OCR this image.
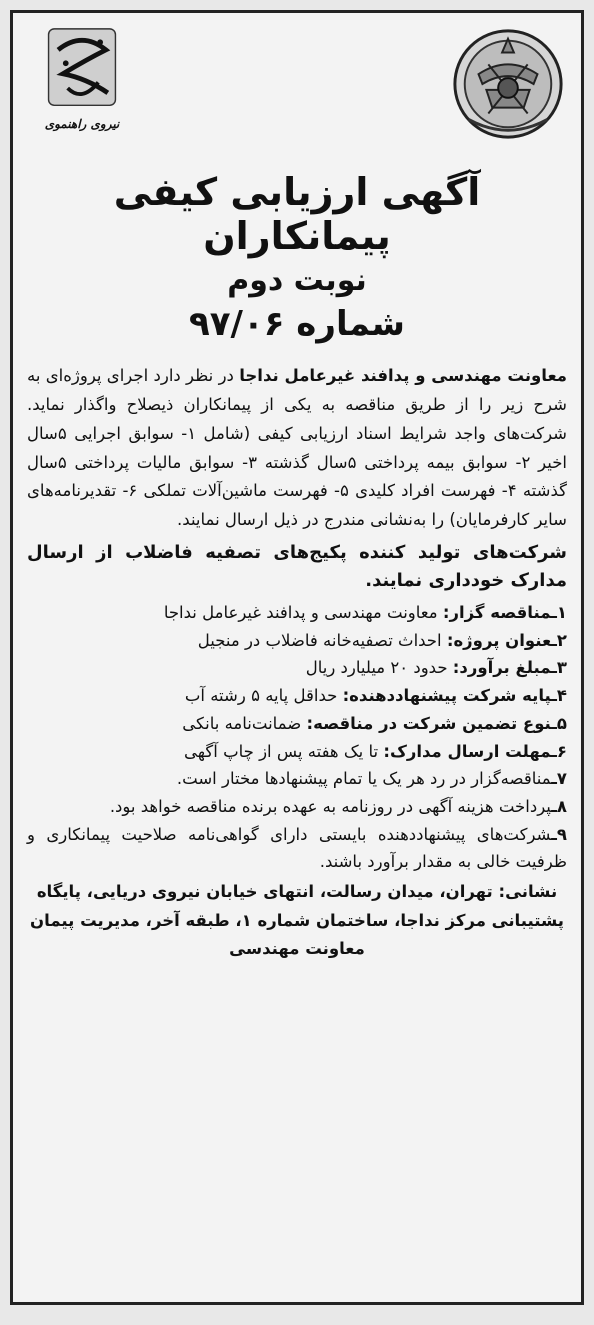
نیروی راهنموی
آگهی ارزیابی کیفی پیمانکاران
نوبت دوم
شماره ۹۷/۰۶
معاونت مهندسی و پدافند غیرعامل نداجا در نظر دارد اجرای پروژه‌ای به شرح زیر را از طریق مناقصه به یکی از پیمانکاران ذیصلاح واگذار نماید. شرکت‌های واجد شرایط اسناد ارزیابی کیفی (شامل ۱- سوابق اجرایی ۵سال اخیر ۲- سوابق بیمه پرداختی ۵سال گذشته ۳- سوابق مالیات پرداختی ۵سال گذشته ۴- فهرست افراد کلیدی ۵- فهرست ماشین‌آلات تملکی ۶- تقدیرنامه‌های سایر کارفرمایان) را به‌نشانی مندرج در ذیل ارسال نمایند.
شرکت‌های تولید کننده پکیج‌های تصفیه فاضلاب از ارسال مدارک خودداری نمایند.
۱ـمناقصه گزار: معاونت مهندسی و پدافند غیرعامل نداجا
۲ـعنوان پروژه: احداث تصفیه‌خانه فاضلاب در منجیل
۳ـمبلغ برآورد: حدود ۲۰ میلیارد ریال
۴ـپایه شرکت پیشنهاددهنده: حداقل پایه ۵ رشته آب
۵ـنوع تضمین شرکت در مناقصه: ضمانت‌نامه بانکی
۶ـمهلت ارسال مدارک: تا یک هفته پس از چاپ آگهی
۷ـمناقصه‌گزار در رد هر یک یا تمام پیشنهادها مختار است.
۸ـپرداخت هزینه آگهی در روزنامه به عهده برنده مناقصه خواهد بود.
۹ـشرکت‌های پیشنهاددهنده بایستی دارای گواهی‌نامه صلاحیت پیمانکاری و ظرفیت خالی به مقدار برآورد باشند.
نشانی: تهران، میدان رسالت، انتهای خیابان نیروی دریایی، پایگاه پشتیبانی مرکز نداجا، ساختمان شماره ۱، طبقه آخر، مدیریت پیمان معاونت مهندسی
